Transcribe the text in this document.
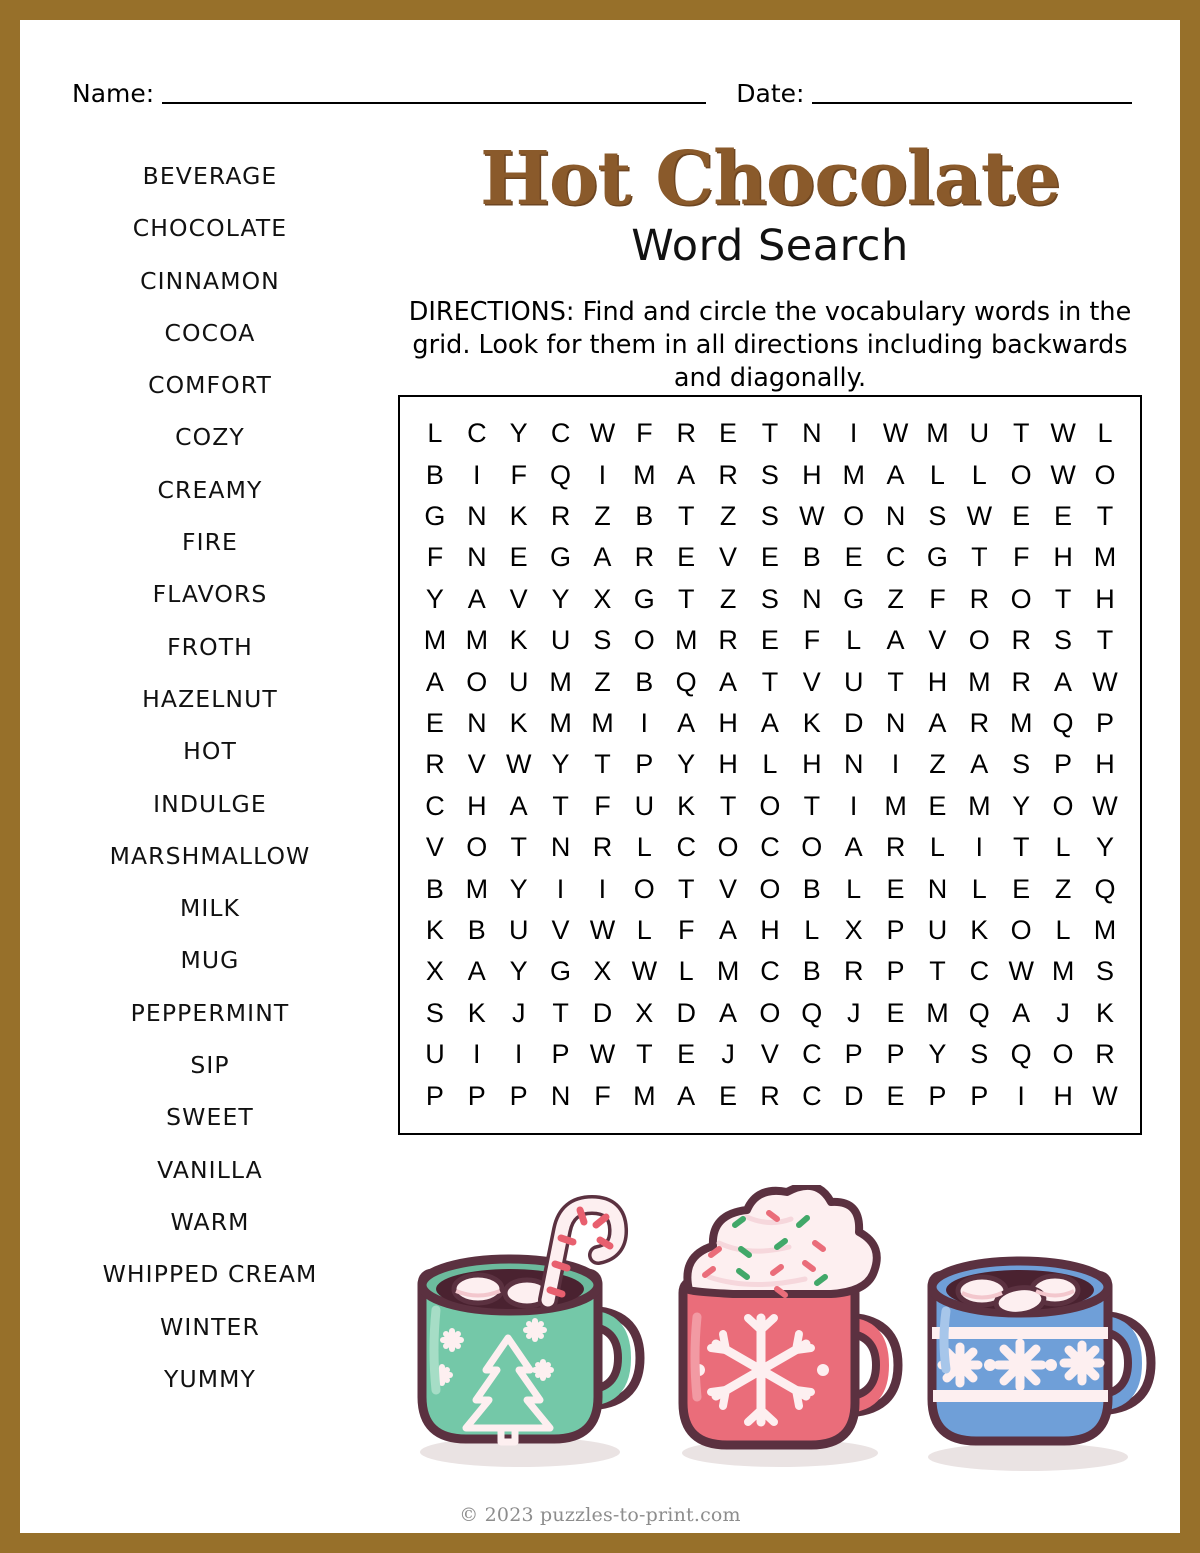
Name:	Date:
BEVERAGE
CHOCOLATE
CINNAMON
COCOA
COMFORT
COZY
CREAMY
FIRE
FLAVORS
FROTH
HAZELNUT
HOT
INDULGE
MARSHMALLOW
MILK
MUG
PEPPERMINT
SIP
SWEET
VANILLA
WARM
WHIPPED CREAM
WINTER
YUMMY
Hot Chocolate
Word Search
DIRECTIONS: Find and circle the vocabulary words in the grid. Look for them in all directions including backwards and diagonally.
L	C	Y	C	W	F	R	E	T	N	I	W	M	U	T	W	L
B	I	F	Q	I	M	A	R	S	H	M	A	L	L	O	W	O
G	N	K	R	Z	B	T	Z	S	W	O	N	S	W	E	E	T
F	N	E	G	A	R	E	V	E	B	E	C	G	T	F	H	M
Y	A	V	Y	X	G	T	Z	S	N	G	Z	F	R	O	T	H
M	M	K	U	S	O	M	R	E	F	L	A	V	O	R	S	T
A	O	U	M	Z	B	Q	A	T	V	U	T	H	M	R	A	W
E	N	K	M	M	I	A	H	A	K	D	N	A	R	M	Q	P
R	V	W	Y	T	P	Y	H	L	H	N	I	Z	A	S	P	H
C	H	A	T	F	U	K	T	O	T	I	M	E	M	Y	O	W
V	O	T	N	R	L	C	O	C	O	A	R	L	I	T	L	Y
B	M	Y	I	I	O	T	V	O	B	L	E	N	L	E	Z	Q
K	B	U	V	W	L	F	A	H	L	X	P	U	K	O	L	M
X	A	Y	G	X	W	L	M	C	B	R	P	T	C	W	M	S
S	K	J	T	D	X	D	A	O	Q	J	E	M	Q	A	J	K
U	I	I	P	W	T	E	J	V	C	P	P	Y	S	Q	O	R
P	P	P	N	F	M	A	E	R	C	D	E	P	P	I	H	W
© 2023 puzzles-to-print.com
